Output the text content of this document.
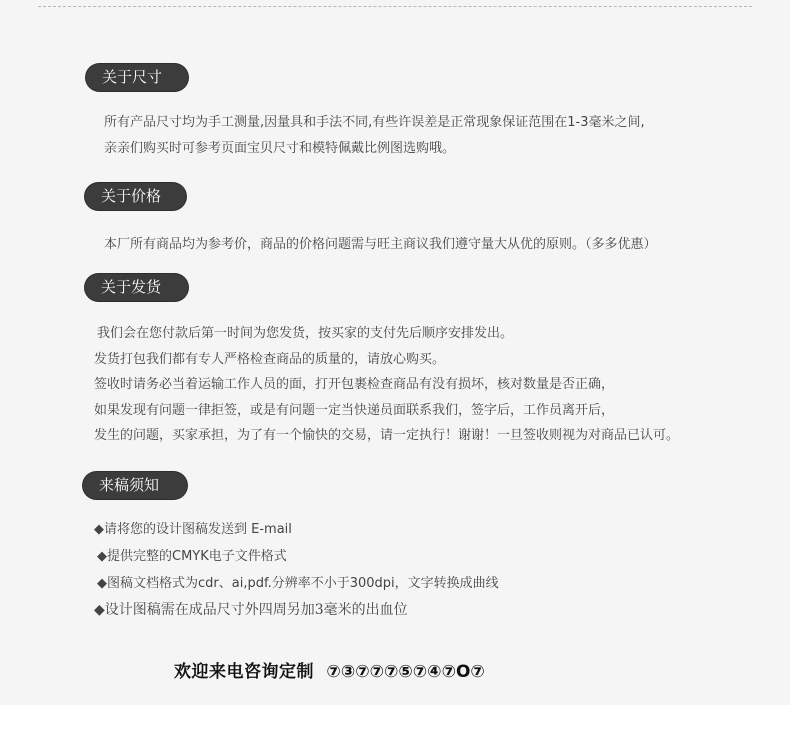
关于尺寸
所有产品尺寸均为手工测量,因量具和手法不同,有些许误差是正常现象保证范围在1-3毫米之间,
亲亲们购买时可参考页面宝贝尺寸和模特佩戴比例图选购哦。
关于价格
本厂所有商品均为参考价，商品的价格问题需与旺主商议我们遵守量大从优的原则。（多多优惠）
关于发货
我们会在您付款后第一时间为您发货，按买家的支付先后顺序安排发出。
发货打包我们都有专人严格检查商品的质量的，请放心购买。
签收时请务必当着运输工作人员的面，打开包裹检查商品有没有损坏，核对数量是否正确，
如果发现有问题一律拒签，或是有问题一定当快递员面联系我们，签字后，工作员离开后，
发生的问题，买家承担，为了有一个愉快的交易，请一定执行！谢谢！一旦签收则视为对商品已认可。
来稿须知
◆请将您的设计图稿发送到 E-mail
◆提供完整的CMYK电子文件格式
◆图稿文档格式为cdr、ai,pdf.分辨率不小于300dpi，文字转换成曲线
◆设计图稿需在成品尺寸外四周另加3毫米的出血位
欢迎来电咨询定制 ⑦③⑦⑦⑦⑤⑦④⑦O⑦
